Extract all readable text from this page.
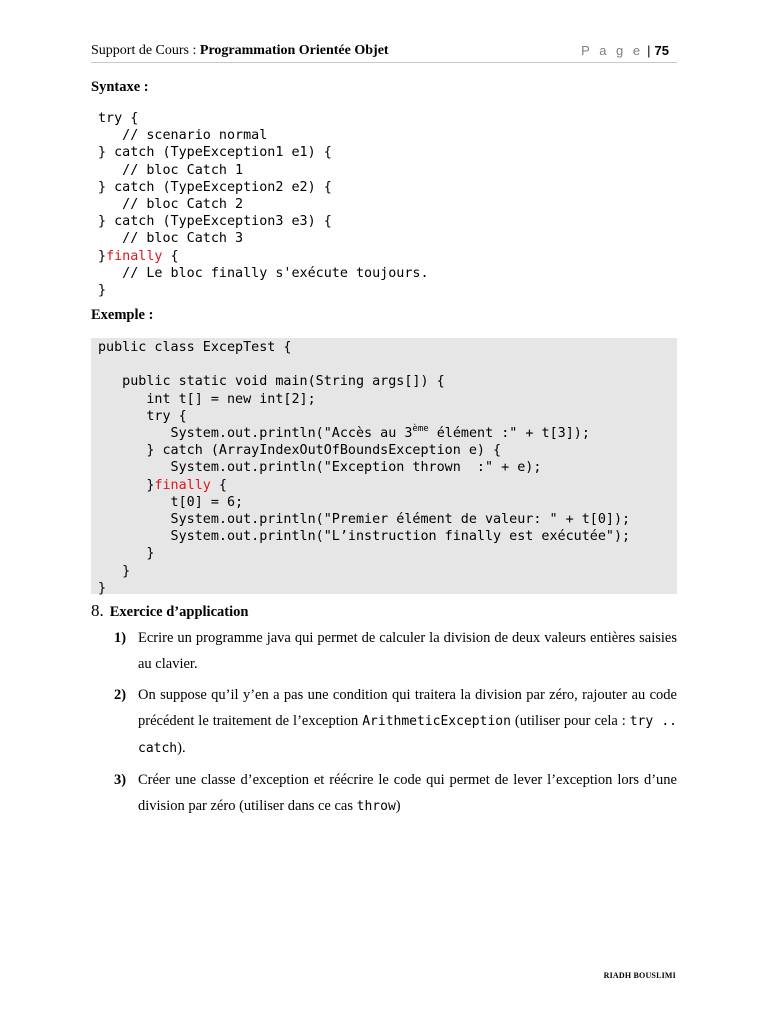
Support de Cours : Programmation Orientée Objet	P a g e | 75
Syntaxe :
try {
// scenario normal
} catch (TypeException1 e1) {
// bloc Catch 1
} catch (TypeException2 e2) {
// bloc Catch 2
} catch (TypeException3 e3) {
// bloc Catch 3
}finally {
// Le bloc finally s'exécute toujours.
}
Exemple :
public class ExcepTest {

public static void main(String args[]) {
int t[] = new int[2];
try {
System.out.println("Accès au 3ème élément :" + t[3]);
} catch (ArrayIndexOutOfBoundsException e) {
System.out.println("Exception thrown  :" + e);
}finally {
t[0] = 6;
System.out.println("Premier élément de valeur: " + t[0]);
System.out.println("L’instruction finally est exécutée");
}
}
}
8. Exercice d’application
1) Ecrire un programme java qui permet de calculer la division de deux valeurs entières saisies au clavier.
2) On suppose qu’il y’en a pas une condition qui traitera la division par zéro, rajouter au code précédent le traitement de l’exception ArithmeticException (utiliser pour cela : try .. catch).
3) Créer une classe d’exception et réécrire le code qui permet de lever l’exception lors d’une division par zéro (utiliser dans ce cas throw)
RIADH BOUSLIMI
